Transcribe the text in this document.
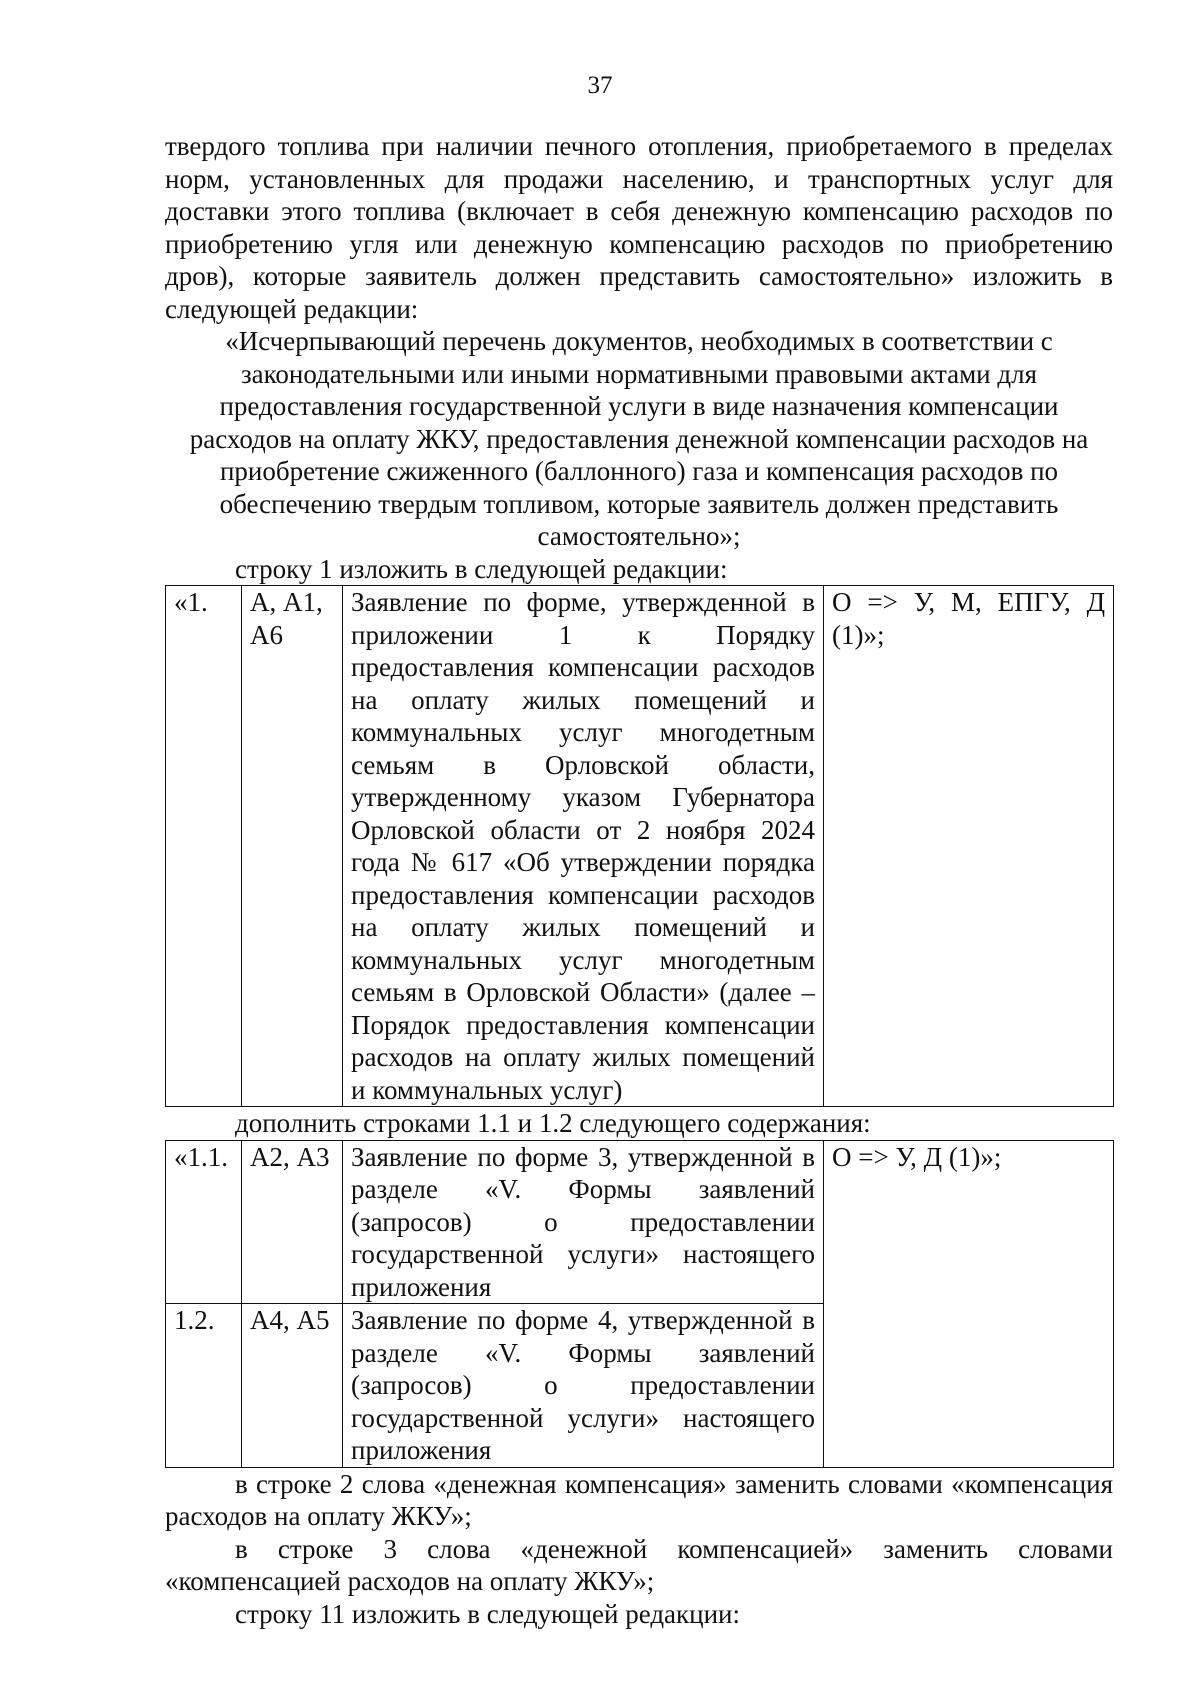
37

твердого топлива при наличии печного отопления, приобретаемого в пределах норм, установленных для продажи населению, и транспортных услуг для доставки этого топлива (включает в себя денежную компенсацию расходов по приобретению угля или денежную компенсацию расходов по приобретению дров), которые заявитель должен представить самостоятельно» изложить в следующей редакции:

«Исчерпывающий перечень документов, необходимых в соответствии с законодательными или иными нормативными правовыми актами для предоставления государственной услуги в виде назначения компенсации расходов на оплату ЖКУ, предоставления денежной компенсации расходов на приобретение сжиженного (баллонного) газа и компенсация расходов по обеспечению твердым топливом, которые заявитель должен представить самостоятельно»;

строку 1 изложить в следующей редакции:

«1.	А, А1, А6	Заявление по форме, утвержденной в приложении 1 к Порядку предоставления компенсации расходов на оплату жилых помещений и коммунальных услуг многодетным семьям в Орловской области, утвержденному указом Губернатора Орловской области от 2 ноября 2024 года № 617 «Об утверждении порядка предоставления компенсации расходов на оплату жилых помещений и коммунальных услуг многодетным семьям в Орловской Области» (далее – Порядок предоставления компенсации расходов на оплату жилых помещений и коммунальных услуг)	О => У, М, ЕПГУ, Д (1)»;

дополнить строками 1.1 и 1.2 следующего содержания:

«1.1.	А2, А3	Заявление по форме 3, утвержденной в разделе «V. Формы заявлений (запросов) о предоставлении государственной услуги» настоящего приложения	О => У, Д (1)»;
1.2.	А4, А5	Заявление по форме 4, утвержденной в разделе «V. Формы заявлений (запросов) о предоставлении государственной услуги» настоящего приложения	

в строке 2 слова «денежная компенсация» заменить словами «компенсация расходов на оплату ЖКУ»;

в строке 3 слова «денежной компенсацией» заменить словами «компенсацией расходов на оплату ЖКУ»;

строку 11 изложить в следующей редакции:
